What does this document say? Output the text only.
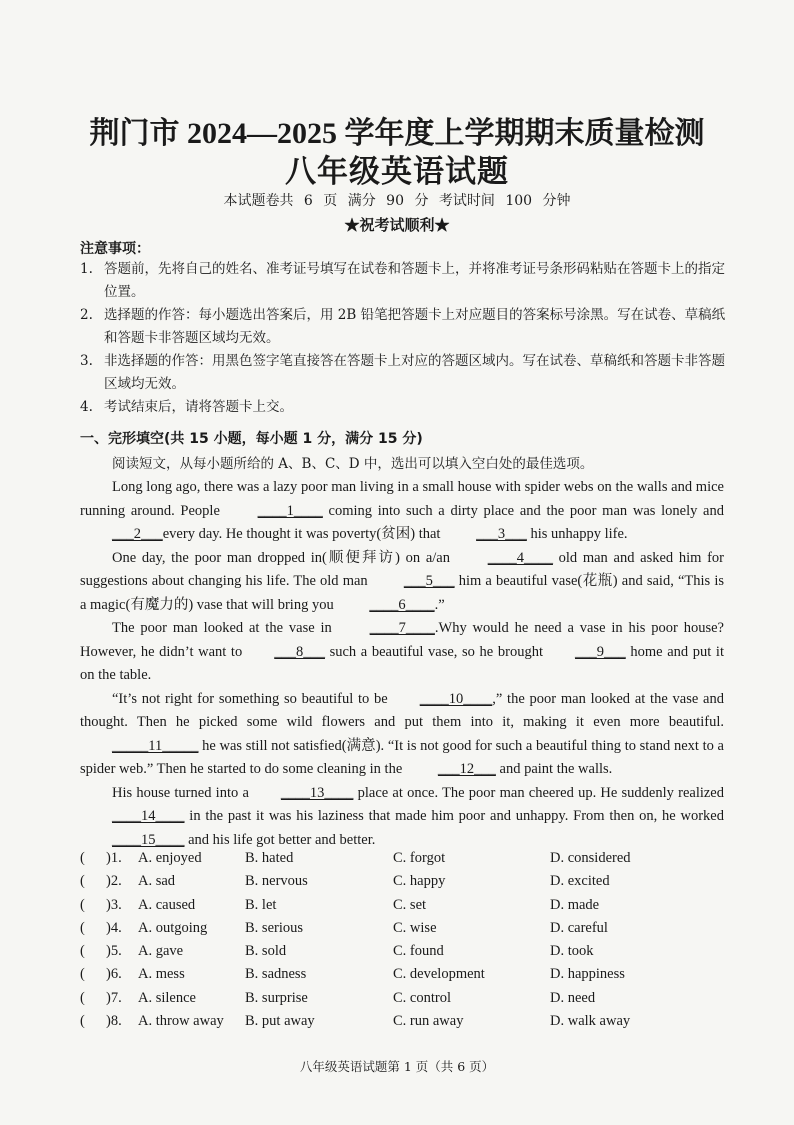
荆门市 2024—2025 学年度上学期期末质量检测
八年级英语试题
本试题卷共 6 页 满分 90 分 考试时间 100 分钟
★祝考试顺利★
注意事项：
1. 答题前，先将自己的姓名、准考证号填写在试卷和答题卡上，并将准考证号条形码粘贴在答题卡上的指定位置。
2. 选择题的作答：每小题选出答案后，用 2B 铅笔把答题卡上对应题目的答案标号涂黑。写在试卷、草稿纸和答题卡非答题区域均无效。
3. 非选择题的作答：用黑色签字笔直接答在答题卡上对应的答题区域内。写在试卷、草稿纸和答题卡非答题区域均无效。
4. 考试结束后，请将答题卡上交。
一、完形填空(共 15 小题，每小题 1 分，满分 15 分)
阅读短文，从每小题所给的 A、B、C、D 中，选出可以填入空白处的最佳选项。

Long long ago, there was a lazy poor man living in a small house with spider webs on the walls and mice running around. People ____1____ coming into such a dirty place and the poor man was lonely and ___2___every day. He thought it was poverty(贫困) that ___3___ his unhappy life.

One day, the poor man dropped in(顺便拜访) on a/an ____4____ old man and asked him for suggestions about changing his life. The old man ___5___ him a beautiful vase(花瓶) and said, “This is a magic(有魔力的) vase that will bring you ____6____.”

The poor man looked at the vase in ____7____.Why would he need a vase in his poor house? However, he didn’t want to ___8___ such a beautiful vase, so he brought ___9___ home and put it on the table.

“It’s not right for something so beautiful to be ____10____,” the poor man looked at the vase and thought. Then he picked some wild flowers and put them into it, making it even more beautiful._____11_____ he was still not satisfied(满意). “It is not good for such a beautiful thing to stand next to a spider web.” Then he started to do some cleaning in the ___12___ and paint the walls.

His house turned into a ____13____ place at once. The poor man cheered up. He suddenly realized ____14____ in the past it was his laziness that made him poor and unhappy. From then on, he worked ____15____ and his life got better and better.

( )1. A. enjoyed	B. hated	C. forgot	D. considered
( )2. A. sad	B. nervous	C. happy	D. excited
( )3. A. caused	B. let	C. set	D. made
( )4. A. outgoing	B. serious	C. wise	D. careful
( )5. A. gave	B. sold	C. found	D. took
( )6. A. mess	B. sadness	C. development	D. happiness
( )7. A. silence	B. surprise	C. control	D. need
( )8. A. throw away B. put away	C. run away	D. walk away
八年级英语试题第 1 页（共 6 页）
